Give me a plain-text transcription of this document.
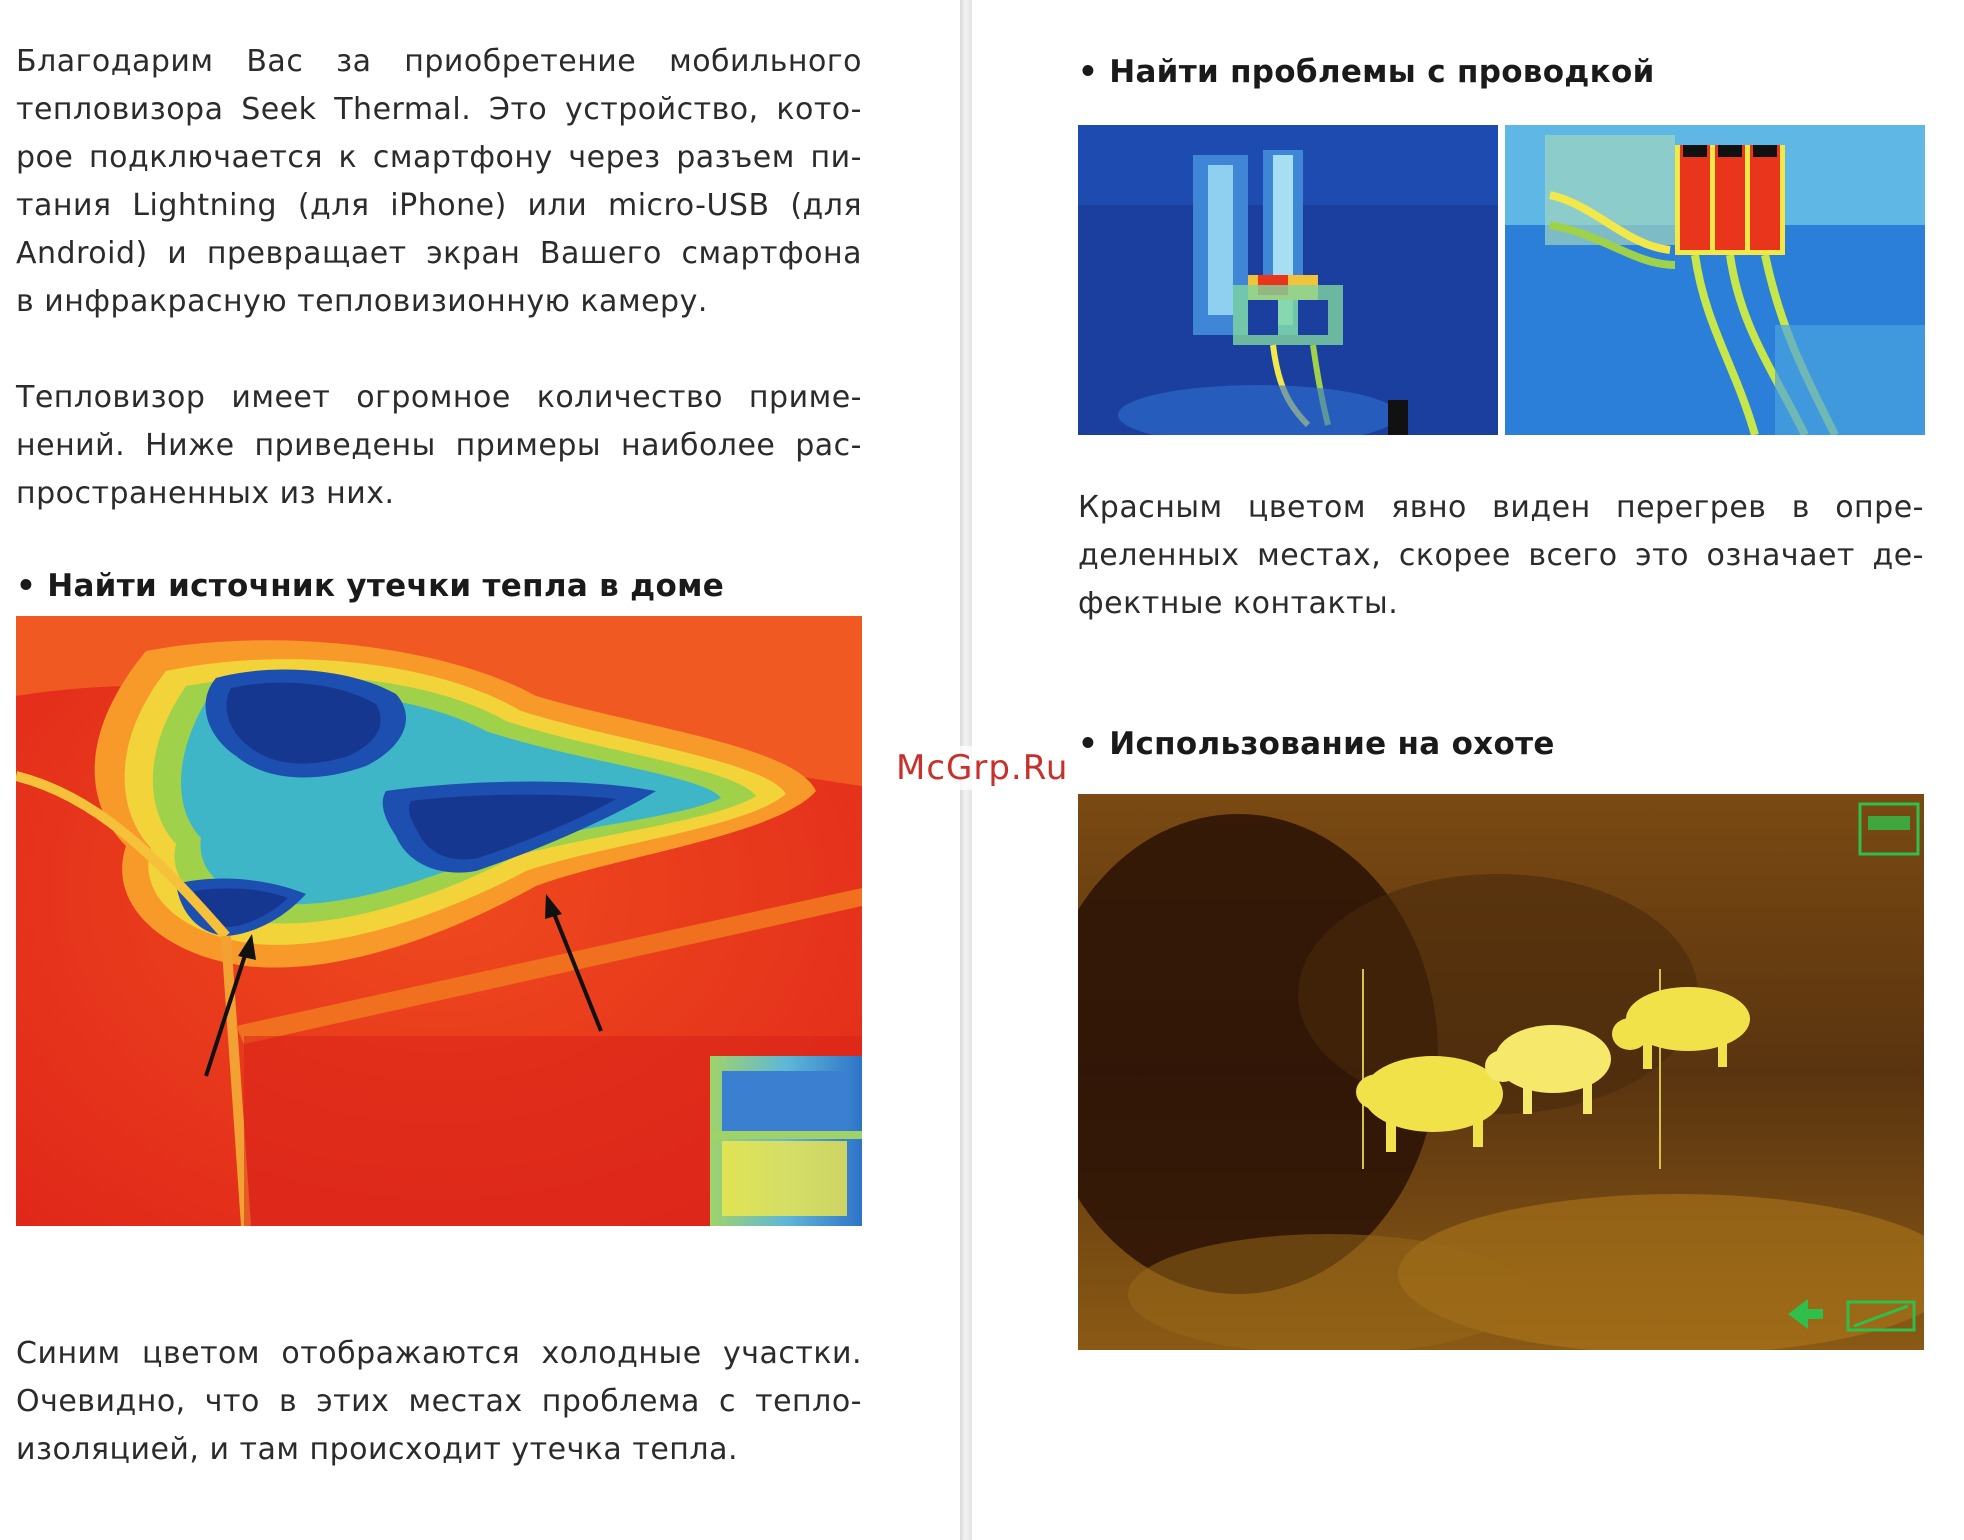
Благодарим Вас за приобретение мобильного
тепловизора Seek Thermal. Это устройство, кото-
рое подключается к смартфону через разъем пи-
тания Lightning (для iPhone) или micro-USB (для
Android) и превращает экран Вашего смартфона
в инфракрасную тепловизионную камеру.
Тепловизор имеет огромное количество приме-
нений. Ниже приведены примеры наиболее рас-
пространенных из них.
• Найти источник утечки тепла в доме
Синим цветом отображаются холодные участки.
Очевидно, что в этих местах проблема с тепло-
изоляцией, и там происходит утечка тепла.
• Найти проблемы с проводкой
Красным цветом явно виден перегрев в опре-
деленных местах, скорее всего это означает де-
фектные контакты.
• Использование на охоте
McGrp.Ru
